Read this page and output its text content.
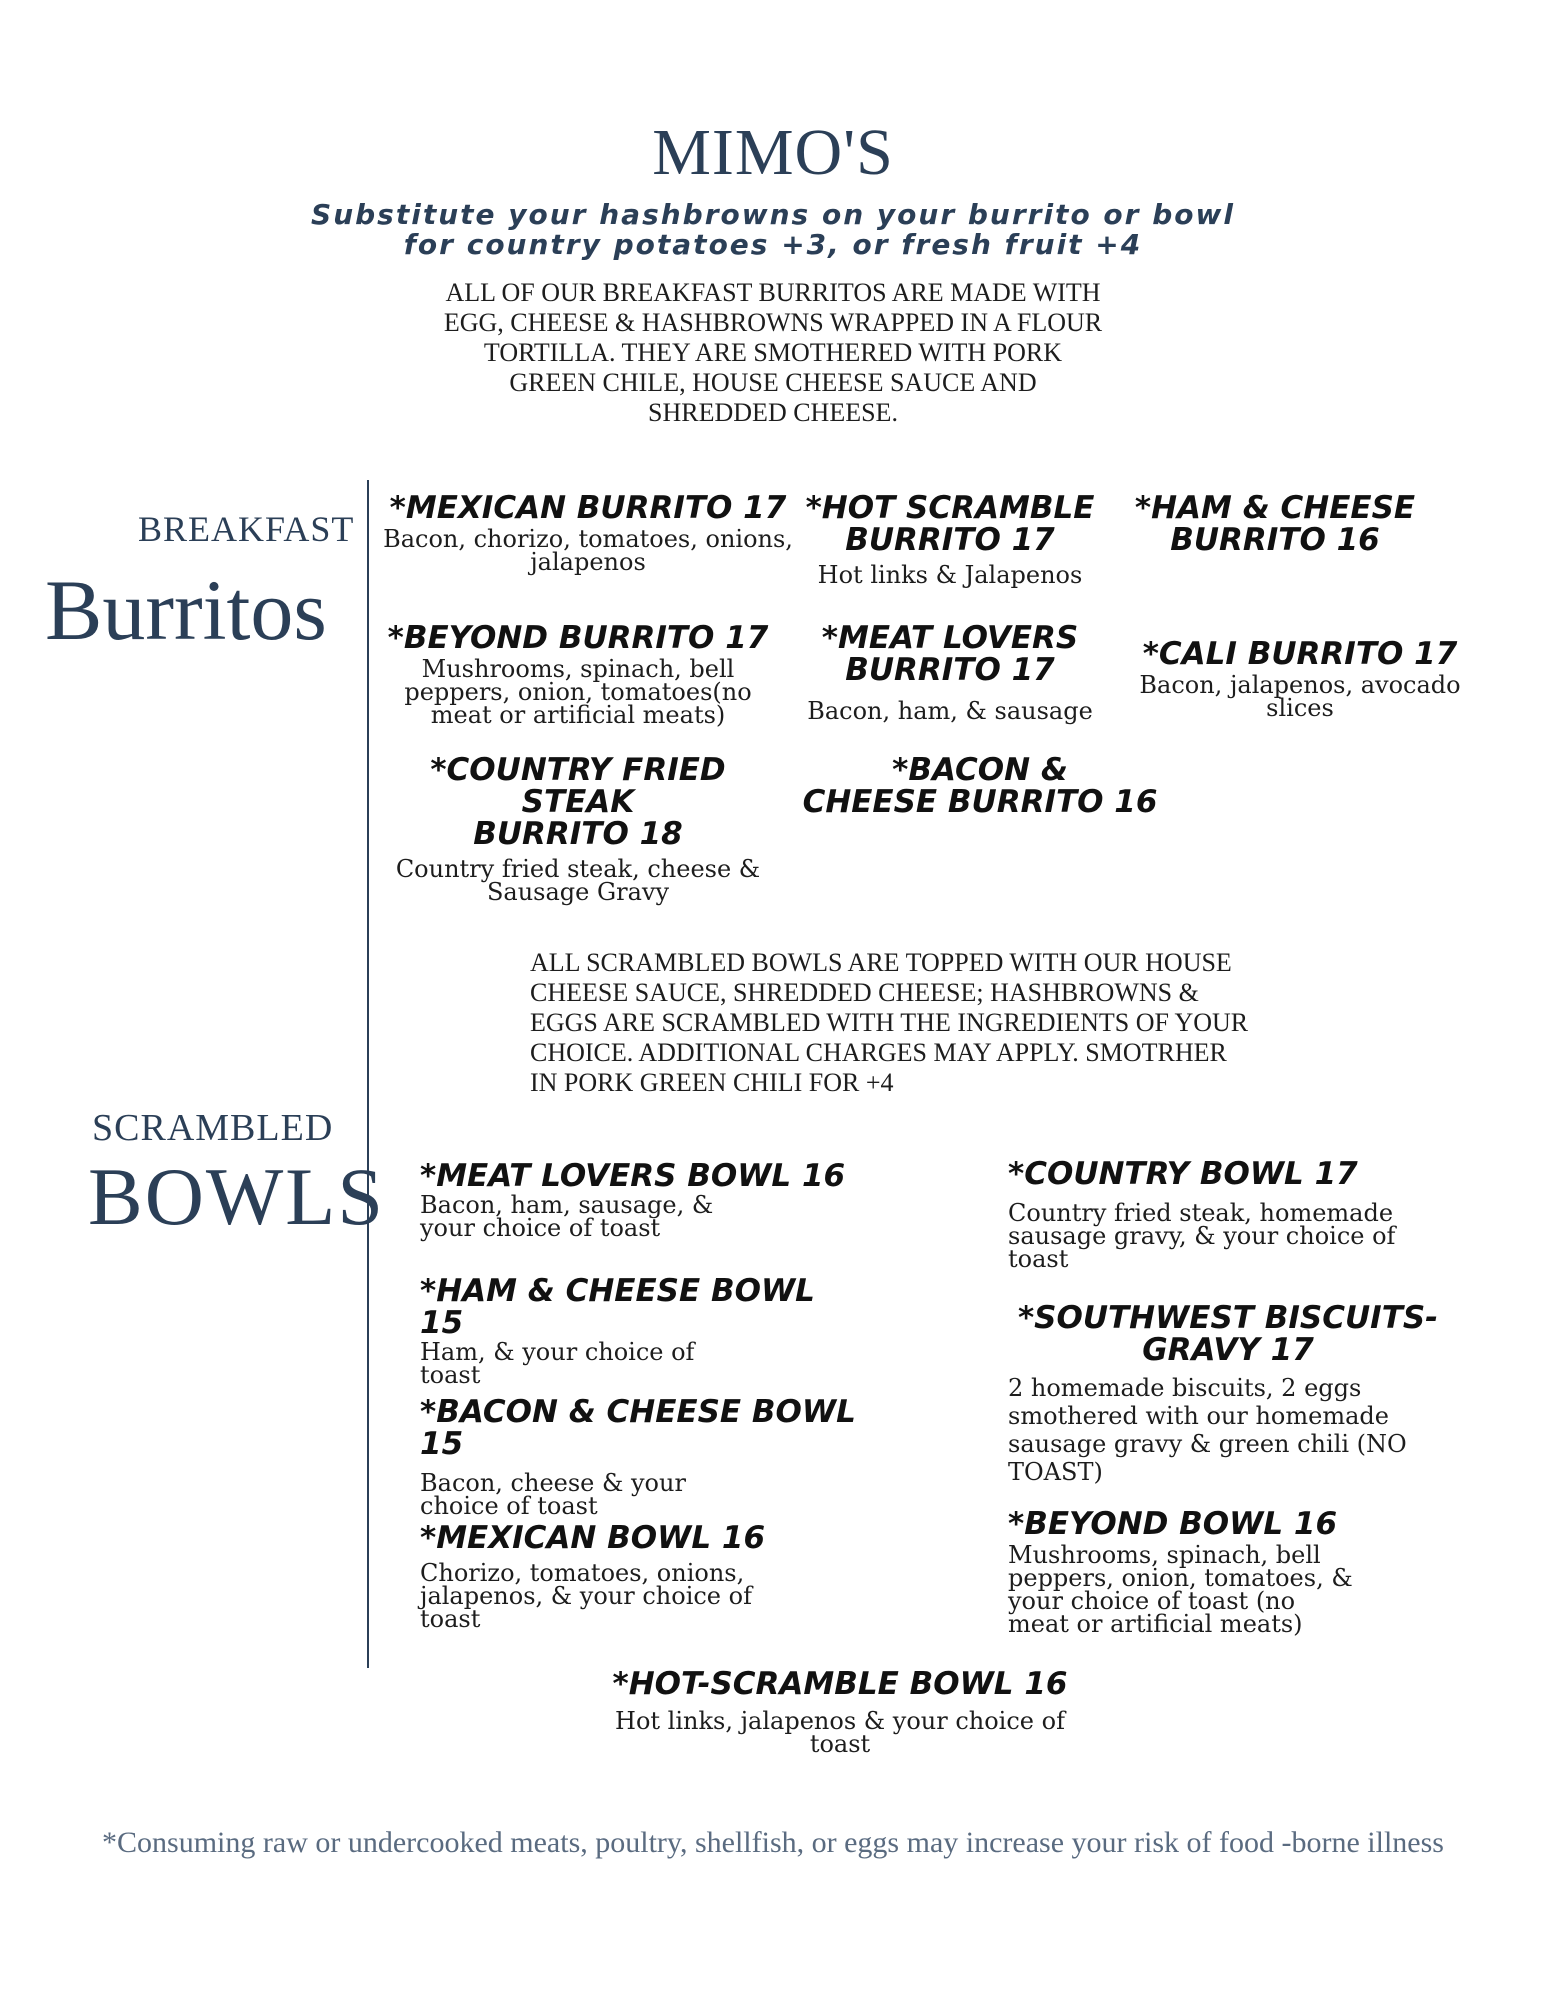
MIMO'S
Substitute your hashbrowns on your burrito or bowl
for country potatoes +3, or fresh fruit +4
ALL OF OUR BREAKFAST BURRITOS ARE MADE WITH
EGG, CHEESE & HASHBROWNS WRAPPED IN A FLOUR
TORTILLA. THEY ARE SMOTHERED WITH PORK
GREEN CHILE, HOUSE CHEESE SAUCE AND
SHREDDED CHEESE.
BREAKFAST
Burritos
*MEXICAN BURRITO 17
Bacon, chorizo, tomatoes, onions,
jalapenos
*HOT SCRAMBLE
BURRITO 17
Hot links & Jalapenos
*HAM & CHEESE
BURRITO 16
*BEYOND BURRITO 17
Mushrooms, spinach, bell
peppers, onion, tomatoes(no
meat or artificial meats)
*MEAT LOVERS
BURRITO 17
Bacon, ham, & sausage
*CALI BURRITO 17
Bacon, jalapenos, avocado
slices
*COUNTRY FRIED STEAK
BURRITO 18
Country fried steak, cheese &
Sausage Gravy
*BACON &
CHEESE BURRITO 16
ALL SCRAMBLED BOWLS ARE TOPPED WITH OUR HOUSE
CHEESE SAUCE, SHREDDED CHEESE; HASHBROWNS &
EGGS ARE SCRAMBLED WITH THE INGREDIENTS OF YOUR
CHOICE. ADDITIONAL CHARGES MAY APPLY. SMOTRHER
IN PORK GREEN CHILI FOR +4
SCRAMBLED
BOWLS *MEAT LOVERS BOWL 16
Bacon, ham, sausage, &
your choice of toast
*HAM & CHEESE BOWL 15
Ham, & your choice of
toast
*BACON & CHEESE BOWL 15
Bacon, cheese & your
choice of toast
*MEXICAN BOWL 16
Chorizo, tomatoes, onions,
jalapenos, & your choice of
toast
*COUNTRY BOWL 17
Country fried steak, homemade
sausage gravy, & your choice of
toast
*SOUTHWEST BISCUITS-
GRAVY 17
2 homemade biscuits, 2 eggs
smothered with our homemade
sausage gravy & green chili (NO
TOAST)
*BEYOND BOWL 16
Mushrooms, spinach, bell
peppers, onion, tomatoes, &
your choice of toast (no
meat or artificial meats)
*HOT-SCRAMBLE BOWL 16
Hot links, jalapenos & your choice of
toast
*Consuming raw or undercooked meats, poultry, shellfish, or eggs may increase your risk of food -borne illness
